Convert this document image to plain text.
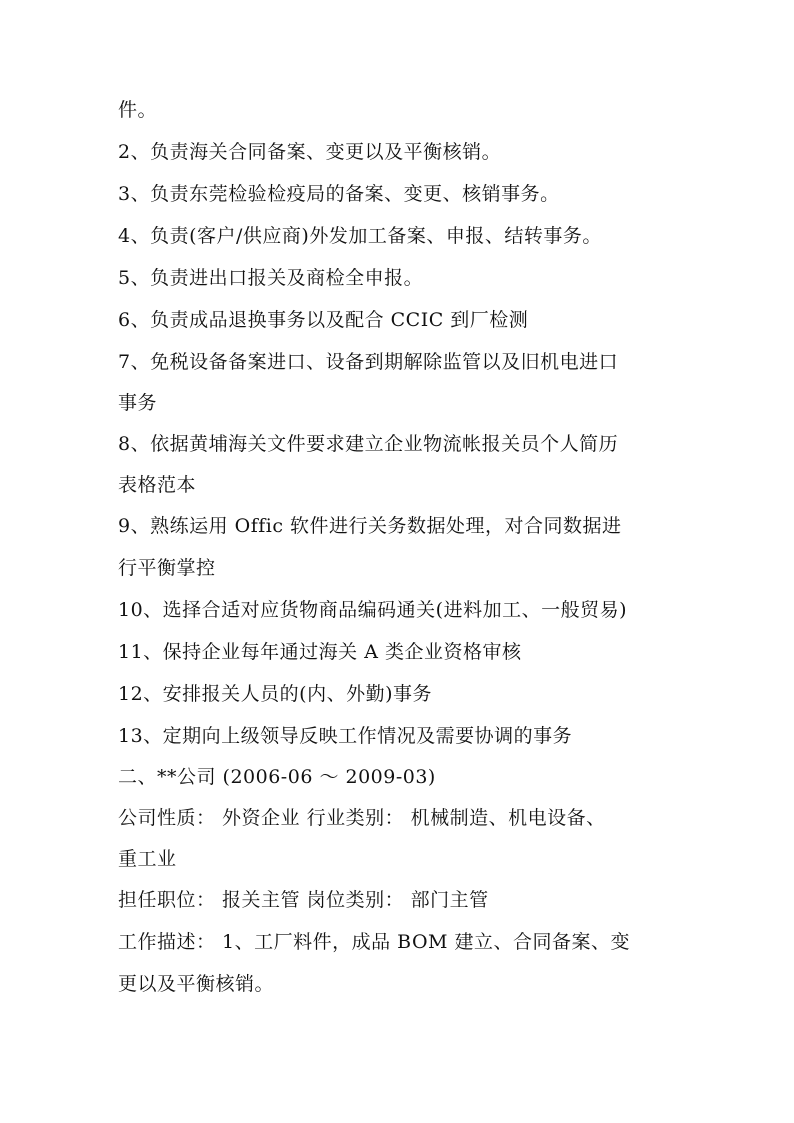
件。
2、负责海关合同备案、变更以及平衡核销。
3、负责东莞检验检疫局的备案、变更、核销事务。
4、负责(客户/供应商)外发加工备案、申报、结转事务。
5、负责进出口报关及商检全申报。
6、负责成品退换事务以及配合 CCIC 到厂检测
7、免税设备备案进口、设备到期解除监管以及旧机电进口
事务
8、依据黄埔海关文件要求建立企业物流帐报关员个人简历
表格范本
9、熟练运用 Offic 软件进行关务数据处理，对合同数据进
行平衡掌控
10、选择合适对应货物商品编码通关(进料加工、一般贸易)
11、保持企业每年通过海关 A 类企业资格审核
12、安排报关人员的(内、外勤)事务
13、定期向上级领导反映工作情况及需要协调的事务
二、**公司 (2006-06 ～ 2009-03)
公司性质： 外资企业 行业类别： 机械制造、机电设备、
重工业
担任职位： 报关主管 岗位类别： 部门主管
工作描述： 1、工厂料件，成品 BOM 建立、合同备案、变
更以及平衡核销。
